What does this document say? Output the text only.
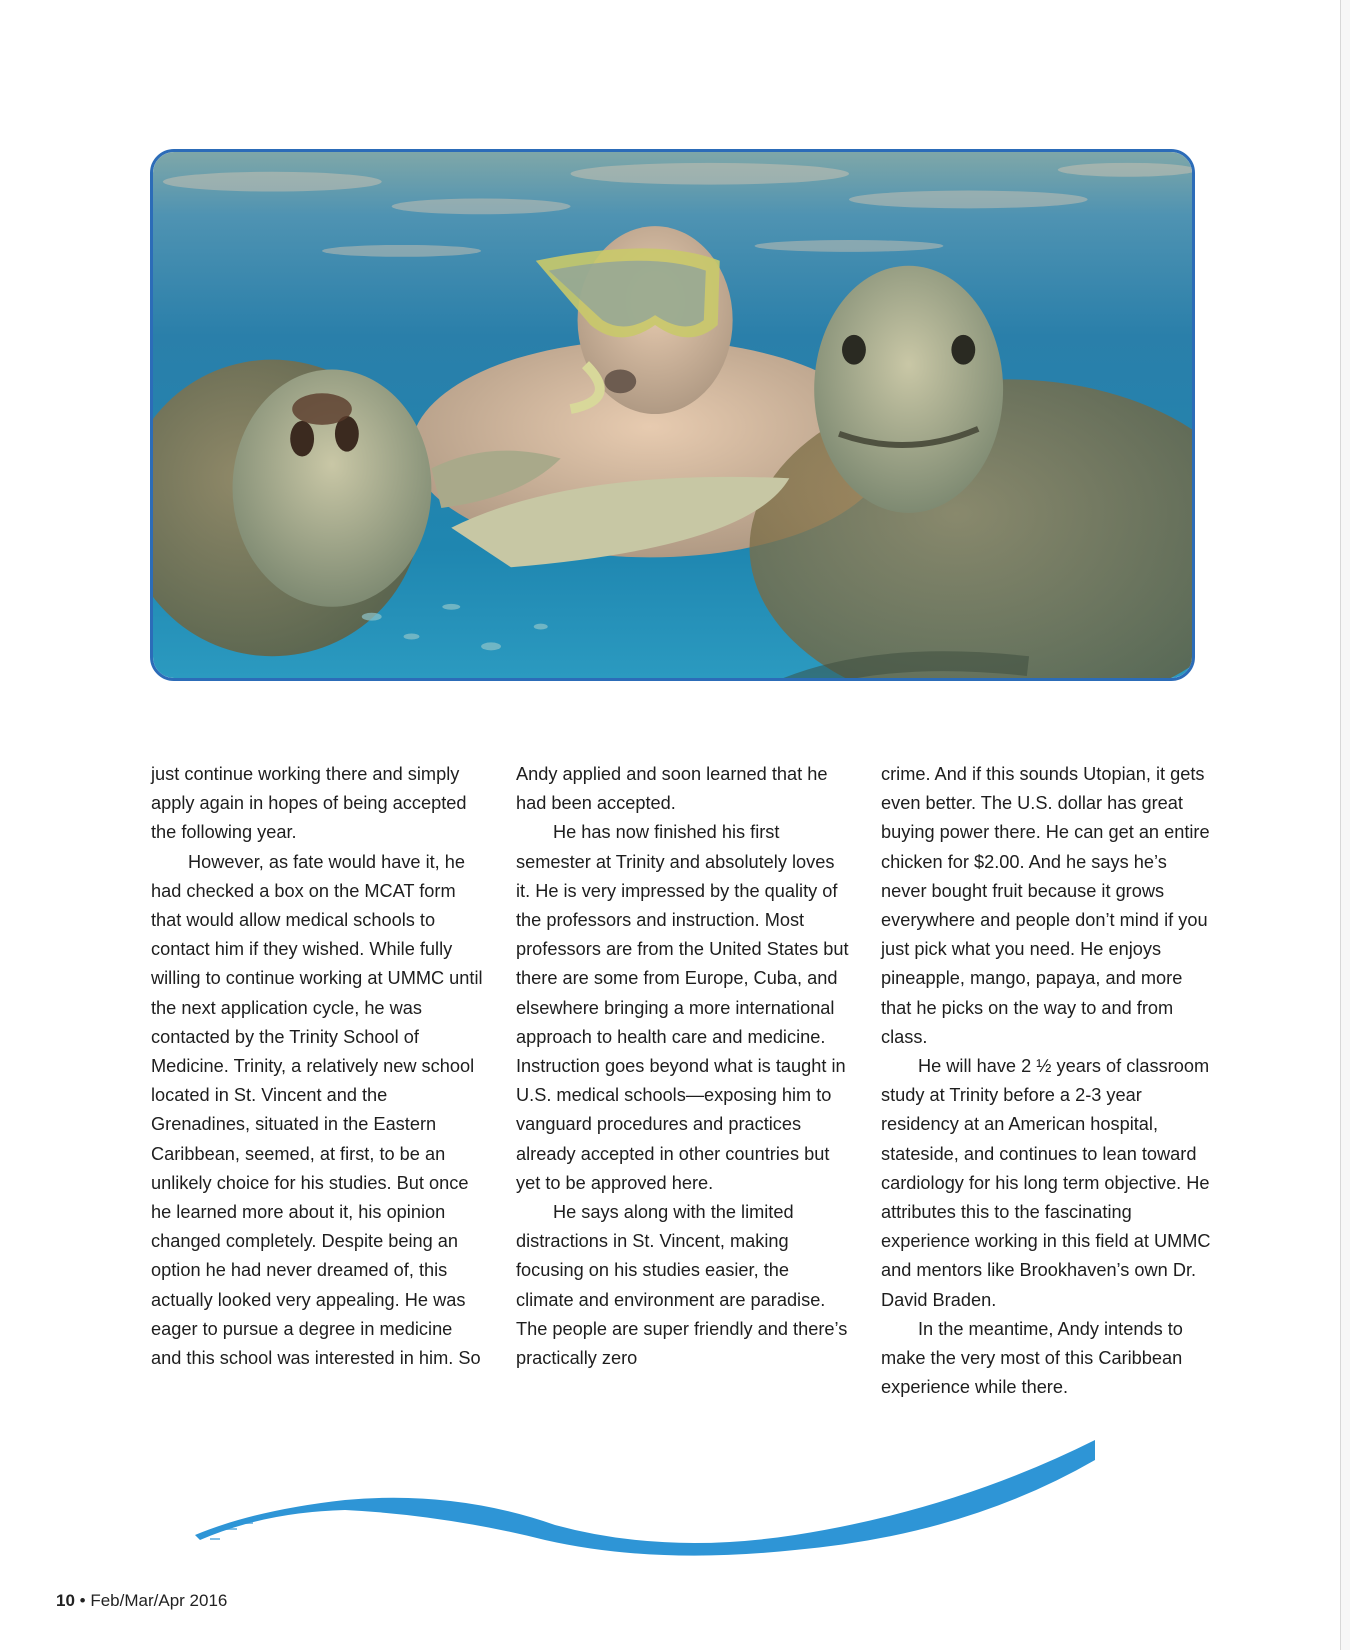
just continue working there and simply apply again in hopes of being accepted the following year.

However, as fate would have it, he had checked a box on the MCAT form that would allow medical schools to contact him if they wished. While fully willing to continue working at UMMC until the next application cycle, he was contacted by the Trinity School of Medicine. Trinity, a relatively new school located in St. Vincent and the Grenadines, situated in the Eastern Caribbean, seemed, at first, to be an unlikely choice for his studies. But once he learned more about it, his opinion changed completely. Despite being an option he had never dreamed of, this actually looked very appealing. He was eager to pursue a degree in medicine and this school was interested in him. So

Andy applied and soon learned that he had been accepted.

He has now finished his first semester at Trinity and absolutely loves it. He is very impressed by the quality of the professors and instruction. Most professors are from the United States but there are some from Europe, Cuba, and elsewhere bringing a more international approach to health care and medicine. Instruction goes beyond what is taught in U.S. medical schools—exposing him to vanguard procedures and practices already accepted in other countries but yet to be approved here.

He says along with the limited distractions in St. Vincent, making focusing on his studies easier, the climate and environment are paradise. The people are super friendly and there’s practically zero

crime. And if this sounds Utopian, it gets even better. The U.S. dollar has great buying power there. He can get an entire chicken for $2.00. And he says he’s never bought fruit because it grows everywhere and people don’t mind if you just pick what you need. He enjoys pineapple, mango, papaya, and more that he picks on the way to and from class.

He will have 2 ½ years of classroom study at Trinity before a 2-3 year residency at an American hospital, stateside, and continues to lean toward cardiology for his long term objective. He attributes this to the fascinating experience working in this field at UMMC and mentors like Brookhaven’s own Dr. David Braden.

In the meantime, Andy intends to make the very most of this Caribbean experience while there.

10 • Feb/Mar/Apr 2016
